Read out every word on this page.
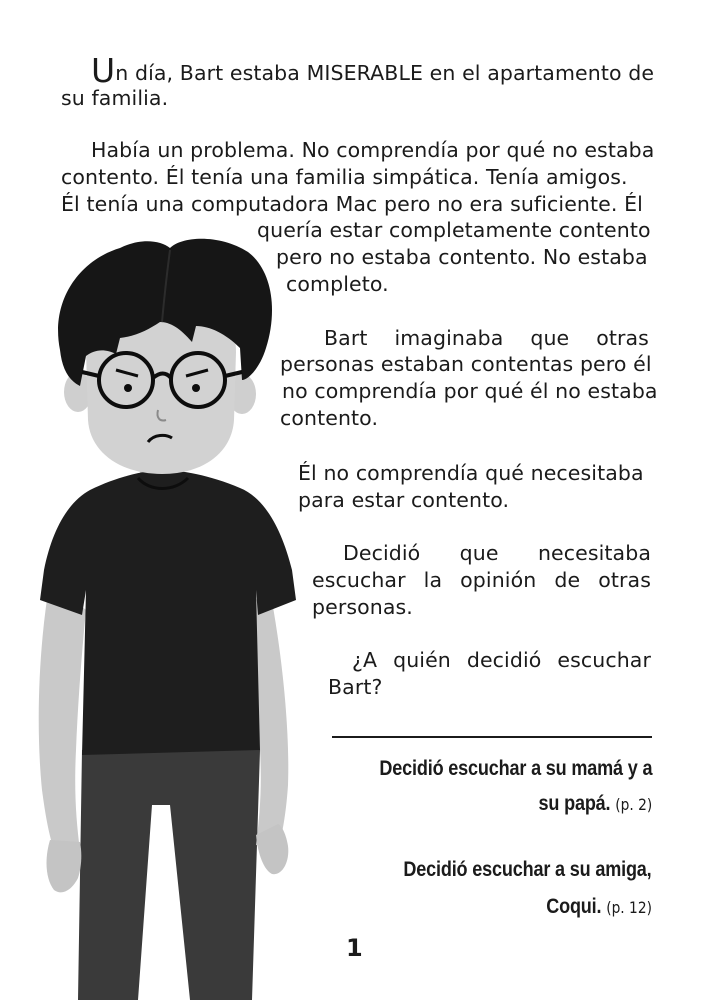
Un día, Bart estaba MISERABLE en el apartamento de
su familia.
Había un problema. No comprendía por qué no estaba
contento. Él tenía una familia simpática. Tenía amigos.
Él tenía una computadora Mac pero no era suficiente. Él
quería estar completamente contento
pero no estaba contento. No estaba
completo.
Bart imaginaba que otras
personas estaban contentas pero él
no comprendía por qué él no estaba
contento.
Él no comprendía qué necesitaba
para estar contento.
Decidió que necesitaba
escuchar la opinión de otras
personas.
¿A quién decidió escuchar
Bart?
Decidió escuchar a su mamá y a
su papá. (p. 2)
Decidió escuchar a su amiga,
Coqui. (p. 12)
1
